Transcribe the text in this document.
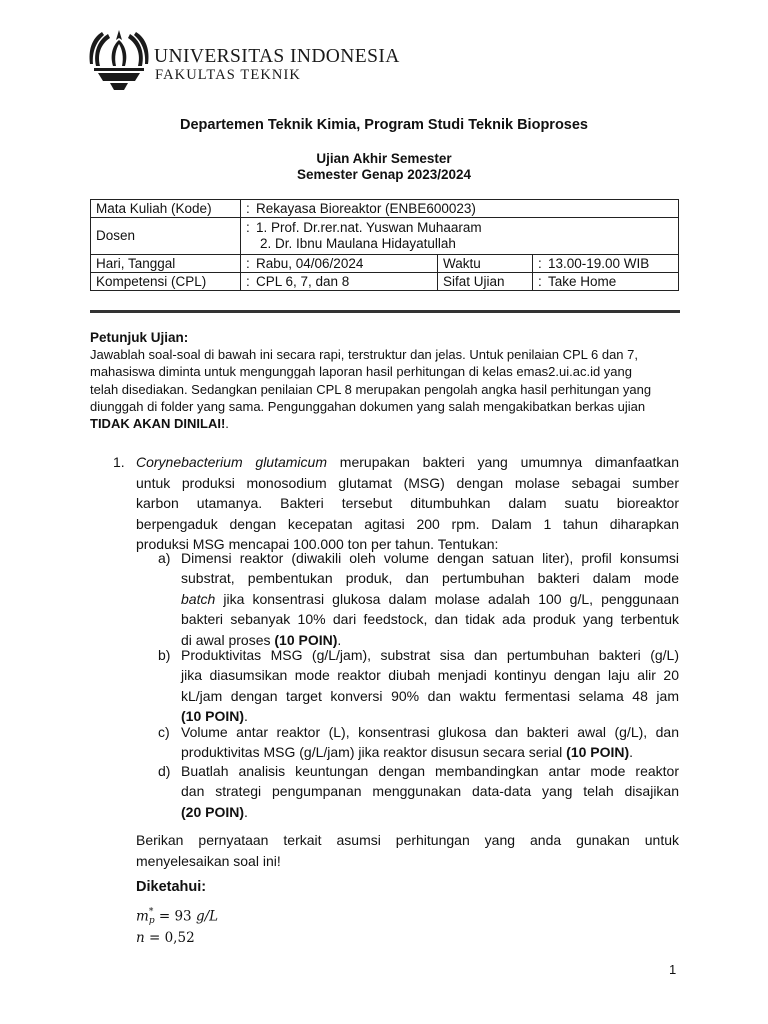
UNIVERSITAS INDONESIA
FAKULTAS TEKNIK
Departemen Teknik Kimia, Program Studi Teknik Bioproses
Ujian Akhir Semester
Semester Genap 2023/2024
Mata Kuliah (Kode)	: Rekayasa Bioreaktor (ENBE600023)		
Dosen	: 1. Prof. Dr.rer.nat. Yuswan Muhaaram
2. Dr. Ibnu Maulana Hidayatullah		

Hari, Tanggal	: Rabu, 04/06/2024	Waktu	: 13.00-19.00 WIB
Kompetensi (CPL)	: CPL 6, 7, dan 8	Sifat Ujian	: Take Home
Petunjuk Ujian:
Jawablah soal-soal di bawah ini secara rapi, terstruktur dan jelas. Untuk penilaian CPL 6 dan 7,
mahasiswa diminta untuk mengunggah laporan hasil perhitungan di kelas emas2.ui.ac.id yang
telah disediakan. Sedangkan penilaian CPL 8 merupakan pengolah angka hasil perhitungan yang
diunggah di folder yang sama. Pengunggahan dokumen yang salah mengakibatkan berkas ujian
TIDAK AKAN DINILAI!.
1. Corynebacterium glutamicum merupakan bakteri yang umumnya dimanfaatkan
untuk produksi monosodium glutamat (MSG) dengan molase sebagai sumber
karbon utamanya. Bakteri tersebut ditumbuhkan dalam suatu bioreaktor
berpengaduk dengan kecepatan agitasi 200 rpm. Dalam 1 tahun diharapkan
produksi MSG mencapai 100.000 ton per tahun. Tentukan:
a) Dimensi reaktor (diwakili oleh volume dengan satuan liter), profil konsumsi
substrat, pembentukan produk, dan pertumbuhan bakteri dalam mode
batch jika konsentrasi glukosa dalam molase adalah 100 g/L, penggunaan
bakteri sebanyak 10% dari feedstock, dan tidak ada produk yang terbentuk
di awal proses (10 POIN).
b) Produktivitas MSG (g/L/jam), substrat sisa dan pertumbuhan bakteri (g/L)
jika diasumsikan mode reaktor diubah menjadi kontinyu dengan laju alir 20
kL/jam dengan target konversi 90% dan waktu fermentasi selama 48 jam
(10 POIN).
c) Volume antar reaktor (L), konsentrasi glukosa dan bakteri awal (g/L), dan
produktivitas MSG (g/L/jam) jika reaktor disusun secara serial (10 POIN).
d) Buatlah analisis keuntungan dengan membandingkan antar mode reaktor
dan strategi pengumpanan menggunakan data-data yang telah disajikan
(20 POIN).
Berikan pernyataan terkait asumsi perhitungan yang anda gunakan untuk
menyelesaikan soal ini!
Diketahui:
m *
p = 93 g/L
n = 0,52
1
